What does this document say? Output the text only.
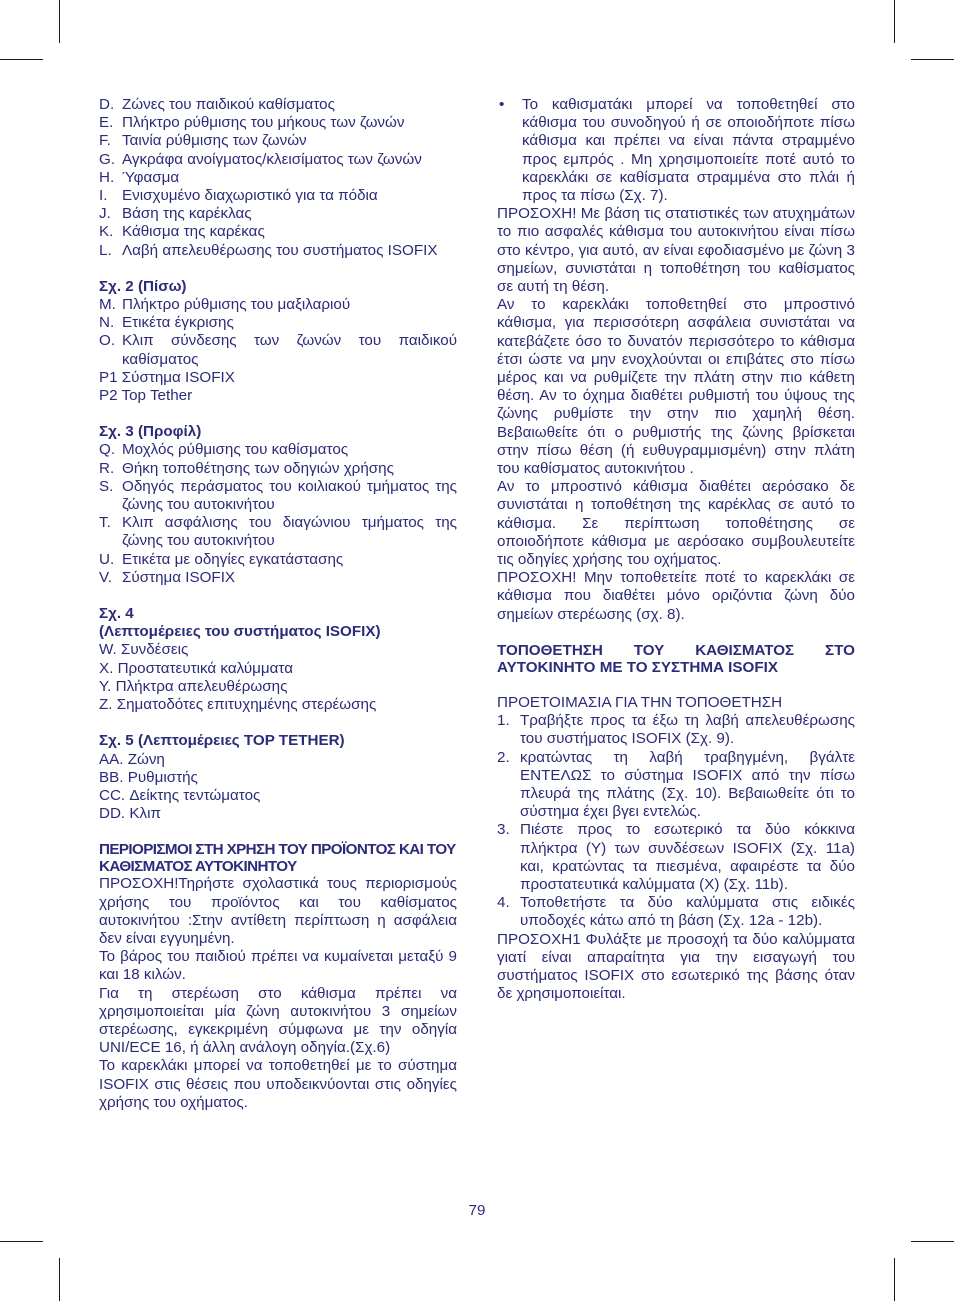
D. Ζώνες του παιδικού καθίσματος
E. Πλήκτρο ρύθμισης του μήκους των ζωνών
F. Ταινία ρύθμισης των ζωνών
G. Αγκράφα ανοίγματος/κλεισίματος των ζωνών
H. Ύφασμα
I. Ενισχυμένο διαχωριστικό για τα πόδια
J. Βάση της καρέκλας
K. Κάθισμα της καρέκας
L. Λαβή απελευθέρωσης του συστήματος ISOFIX

Σχ. 2 (Πίσω)

M. Πλήκτρο ρύθμισης του μαξιλαριού
N. Ετικέτα έγκρισης
O. Κλιπ σύνδεσης των ζωνών του παιδικού καθίσματος
P1 Σύστημα ISOFIX
P2 Top Tether

Σχ. 3 (Προφίλ)

Q. Μοχλός ρύθμισης του καθίσματος
R. Θήκη τοποθέτησης των οδηγιών χρήσης
S. Οδηγός περάσματος του κοιλιακού τμήματος της ζώνης του αυτοκινήτου
T. Κλιπ ασφάλισης του διαγώνιου τμήματος της ζώνης του αυτοκινήτου
U. Ετικέτα με οδηγίες εγκατάστασης
V. Σύστημα ISOFIX

Σχ. 4

(Λεπτομέρειες του συστήματος ISOFIX)

W. Συνδέσεις
X. Προστατευτικά καλύμματα
Y. Πλήκτρα απελευθέρωσης
Z. Σηματοδότες επιτυχημένης στερέωσης

Σχ. 5 (Λεπτομέρειες TOP TETHER)

AA. Ζώνη
BB. Ρυθμιστής
CC. Δείκτης τεντώματος
DD. Κλιπ

ΠΕΡΙΟΡΙΣΜΟΙ ΣΤΗ ΧΡΗΣΗ ΤΟΥ ΠΡΟΪΟΝΤΟΣ ΚΑΙ ΤΟΥ ΚΑΘΙΣΜΑΤΟΣ ΑΥΤΟΚΙΝΗΤΟΥ

ΠΡΟΣΟΧΗ!Τηρήστε σχολαστικά τους περιορισμούς χρήσης του προϊόντος και του καθίσματος αυτοκινήτου :Στην αντίθετη περίπτωση η ασφάλεια δεν είναι εγγυημένη.

Το βάρος του παιδιού πρέπει να κυμαίνεται μεταξύ 9 και 18 κιλών.

Για τη στερέωση στο κάθισμα πρέπει να χρησιμοποιείται μία ζώνη αυτοκινήτου 3 σημείων στερέωσης, εγκεκριμένη σύμφωνα με την οδηγία UNI/ECE 16, ή άλλη ανάλογη οδηγία.(Σχ.6)

Το καρεκλάκι μπορεί να τοποθετηθεί με το σύστημα ISOFIX στις θέσεις που υποδεικνύονται στις οδηγίες χρήσης του οχήματος.

•	Το καθισματάκι μπορεί να τοποθετηθεί στο κάθισμα του συνοδηγού ή σε οποιοδήποτε πίσω κάθισμα και πρέπει να είναι πάντα στραμμένο προς εμπρός . Μη χρησιμοποιείτε ποτέ αυτό το καρεκλάκι σε καθίσματα στραμμένα στο πλάι ή προς τα πίσω (Σχ. 7).

ΠΡΟΣΟΧΗ! Με βάση τις στατιστικές των ατυχημάτων το πιο ασφαλές κάθισμα του αυτοκινήτου είναι πίσω στο κέντρο, για αυτό, αν είναι εφοδιασμένο με ζώνη 3 σημείων, συνιστάται η τοποθέτηση του καθίσματος σε αυτή τη θέση.

Αν το καρεκλάκι τοποθετηθεί στο μπροστινό κάθισμα, για περισσότερη ασφάλεια συνιστάται να κατεβάζετε όσο το δυνατόν περισσότερο το κάθισμα έτσι ώστε να μην ενοχλούνται οι επιβάτες στο πίσω μέρος και να ρυθμίζετε την πλάτη στην πιο κάθετη θέση. Αν το όχημα διαθέτει ρυθμιστή του ύψους της ζώνης ρυθμίστε την στην πιο χαμηλή θέση. Βεβαιωθείτε ότι ο ρυθμιστής της ζώνης βρίσκεται στην πίσω θέση (ή ευθυγραμμισμένη) στην πλάτη του καθίσματος αυτοκινήτου .

Αν το μπροστινό κάθισμα διαθέτει αερόσακο δε συνιστάται η τοποθέτηση της καρέκλας σε αυτό το κάθισμα. Σε περίπτωση τοποθέτησης σε οποιοδήποτε κάθισμα με αερόσακο συμβουλευτείτε τις οδηγίες χρήσης του οχήματος.

ΠΡΟΣΟΧΗ! Μην τοποθετείτε ποτέ το καρεκλάκι σε κάθισμα που διαθέτει μόνο οριζόντια ζώνη δύο σημείων στερέωσης (σχ. 8).

ΤΟΠΟΘΕΤΗΣΗ ΤΟΥ ΚΑΘΙΣΜΑΤΟΣ ΣΤΟ ΑΥΤΟΚΙΝΗΤΟ ΜΕ ΤΟ ΣΥΣΤΗΜΑ ISOFIX

ΠΡΟΕΤΟΙΜΑΣΙΑ ΓΙΑ ΤΗΝ ΤΟΠΟΘΕΤΗΣΗ

1. Τραβήξτε προς τα έξω τη λαβή απελευθέρωσης του συστήματος ISOFIX (Σχ. 9).
2. κρατώντας τη λαβή τραβηγμένη, βγάλτε ΕΝΤΕΛΩΣ το σύστημα ISOFIX από την πίσω πλευρά της πλάτης (Σχ. 10). Βεβαιωθείτε ότι το σύστημα έχει βγει εντελώς.
3. Πιέστε προς το εσωτερικό τα δύο κόκκινα πλήκτρα (Y) των συνδέσεων ISOFIX (Σχ. 11a) και, κρατώντας τα πιεσμένα, αφαιρέστε τα δύο προστατευτικά καλύμματα (X) (Σχ. 11b).
4. Τοποθετήστε τα δύο καλύμματα στις ειδικές υποδοχές κάτω από τη βάση (Σχ. 12a - 12b).

ΠΡΟΣΟΧΗ1 Φυλάξτε με προσοχή τα δύο καλύμματα γιατί είναι απαραίτητα για την εισαγωγή του συστήματος ISOFIX στο εσωτερικό της βάσης όταν δε χρησιμοποιείται.

79
